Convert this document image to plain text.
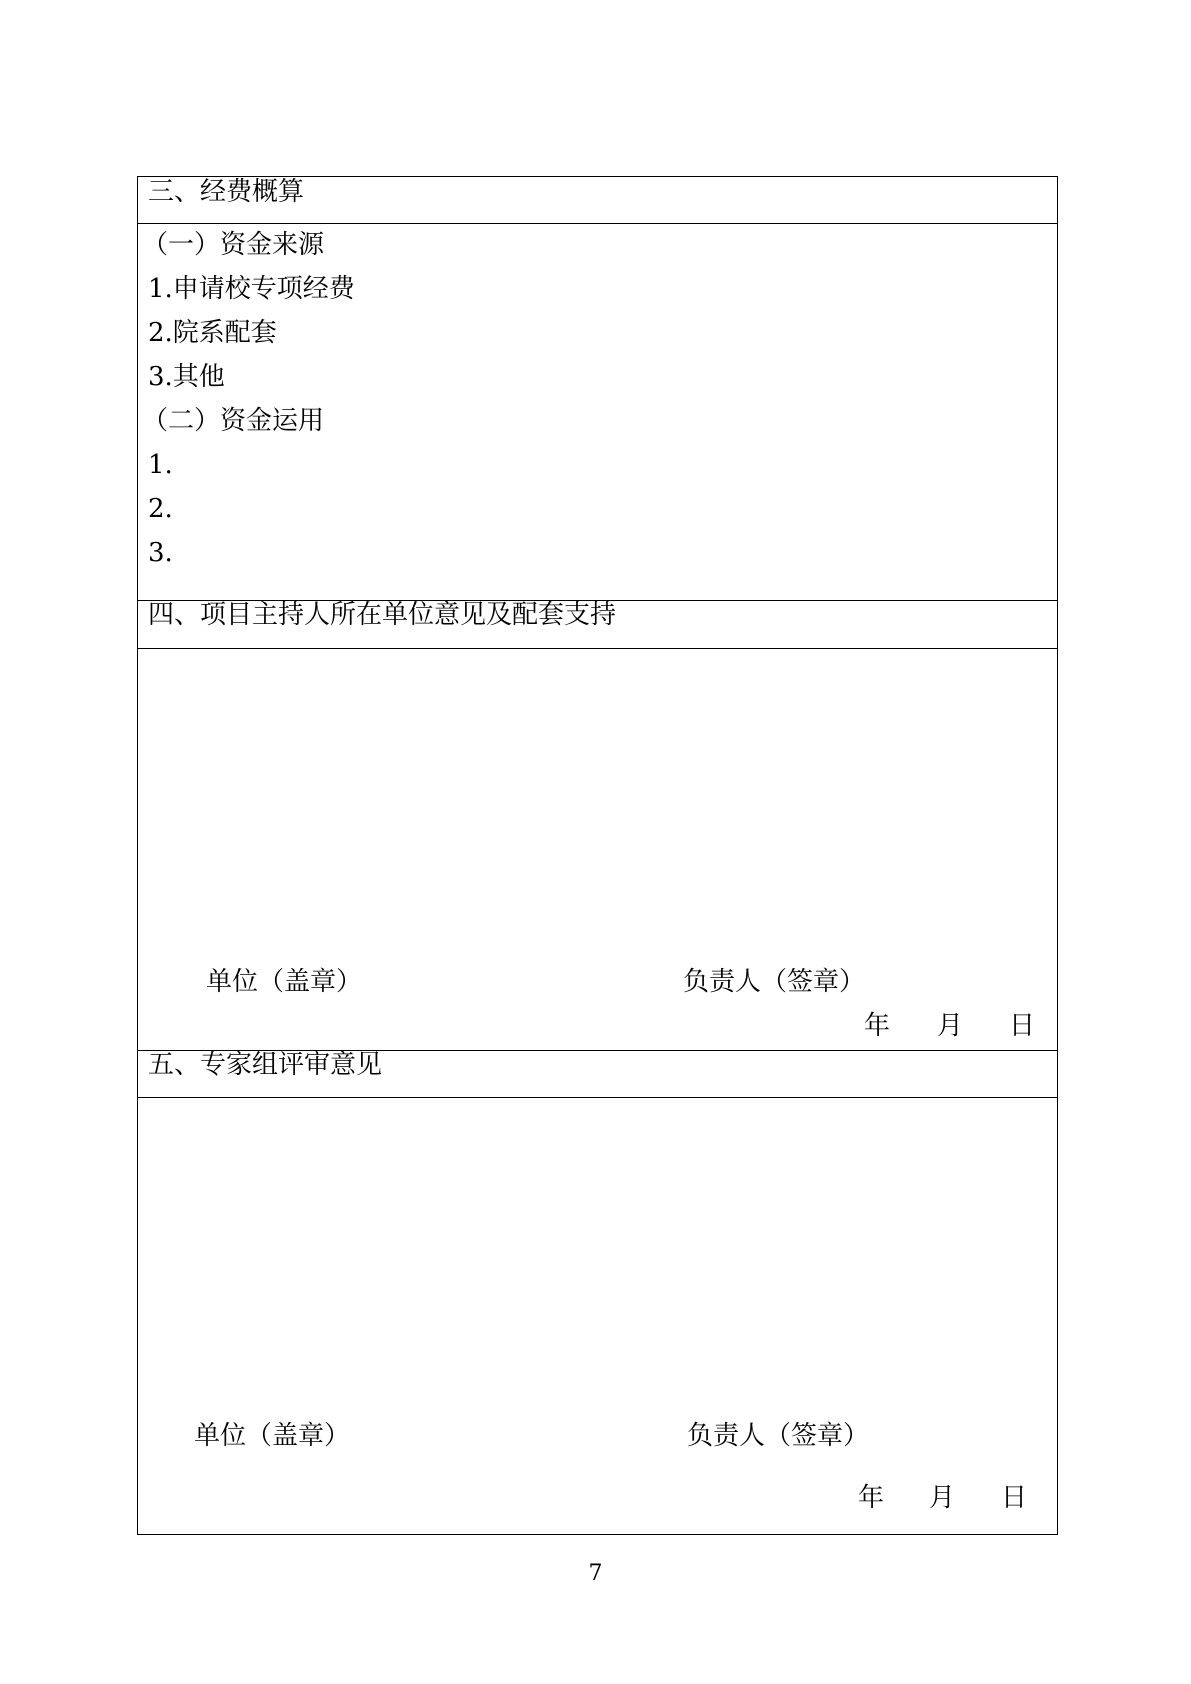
三、经费概算
（一）资金来源
1.申请校专项经费
2.院系配套
3.其他
（二）资金运用
1.
2.
3.
四、项目主持人所在单位意见及配套支持
单位（盖章）	负责人（签章）
年 月 日
五、专家组评审意见
单位（盖章）	负责人（签章）
年 月 日
7
